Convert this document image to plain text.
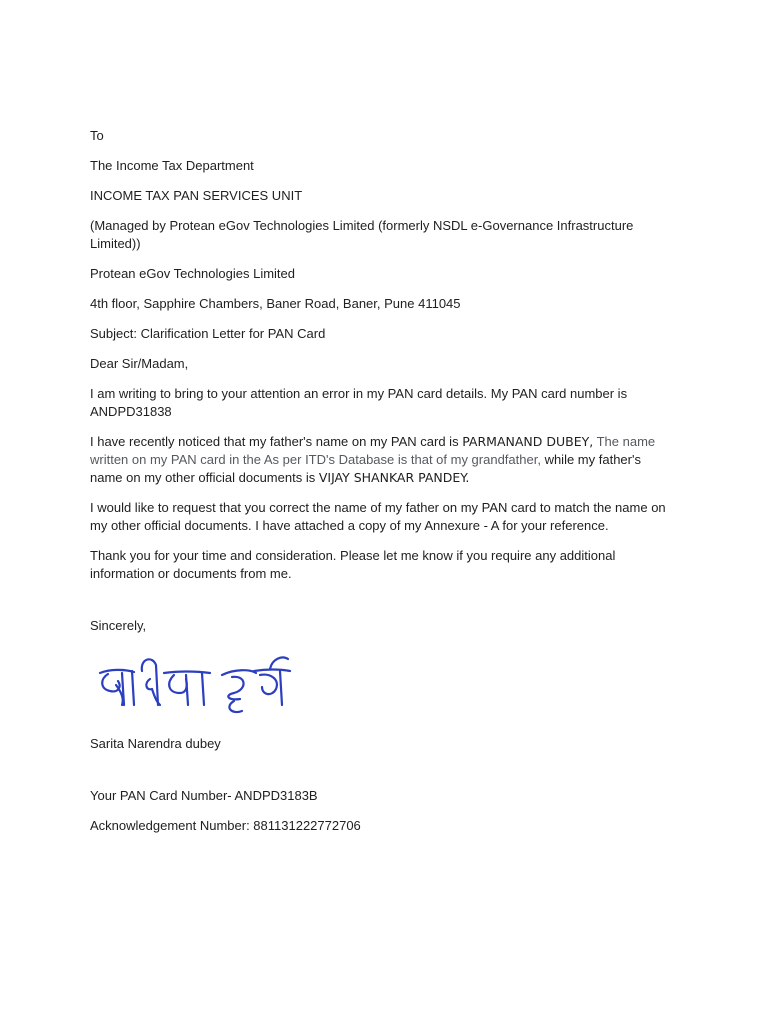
To

The Income Tax Department

INCOME TAX PAN SERVICES UNIT

(Managed by Protean eGov Technologies Limited (formerly NSDL e-Governance Infrastructure Limited))

Protean eGov Technologies Limited

4th floor, Sapphire Chambers, Baner Road, Baner, Pune 411045

Subject: Clarification Letter for PAN Card

Dear Sir/Madam,

I am writing to bring to your attention an error in my PAN card details. My PAN card number is ANDPD31838

I have recently noticed that my father's name on my PAN card is PARMANAND DUBEY, The name written on my PAN card in the As per ITD's Database is that of my grandfather, while my father's name on my other official documents is VIJAY SHANKAR PANDEY.

I would like to request that you correct the name of my father on my PAN card to match the name on my other official documents. I have attached a copy of my Annexure - A for your reference.

Thank you for your time and consideration. Please let me know if you require any additional information or documents from me.

Sincerely,

Sarita Narendra dubey

Your PAN Card Number- ANDPD3183B

Acknowledgement Number: 881131222772706
